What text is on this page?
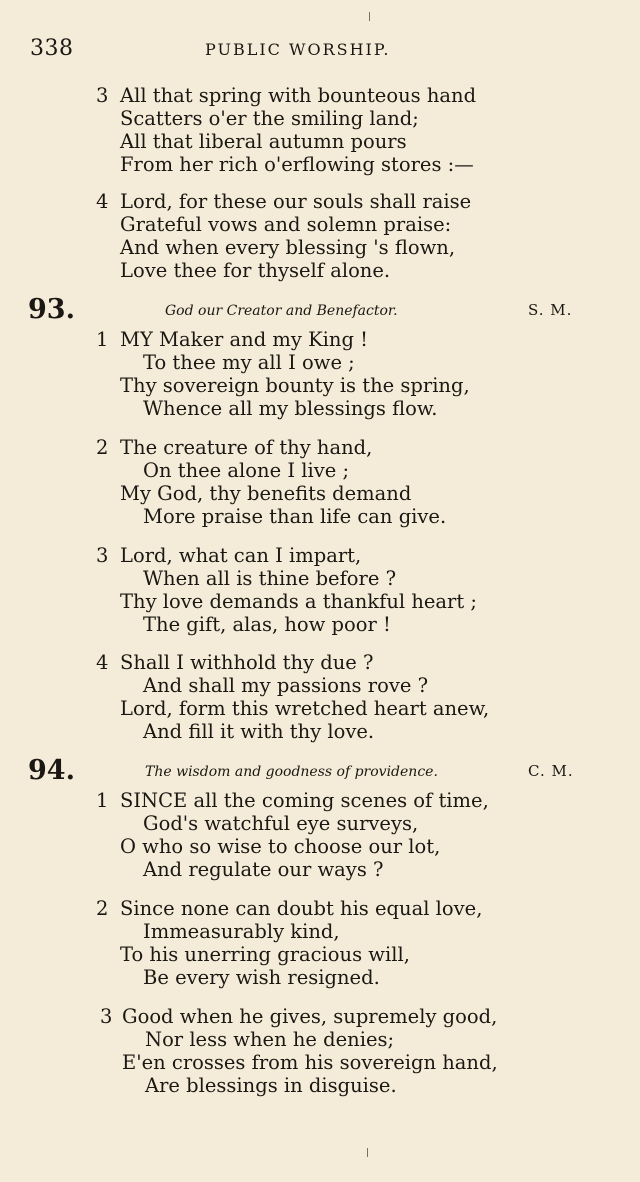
338	PUBLIC WORSHIP.
3 All that spring with bounteous hand
Scatters o'er the smiling land;
All that liberal autumn pours
From her rich o'erflowing stores :—
4 Lord, for these our souls shall raise
Grateful vows and solemn praise:
And when every blessing 's flown,
Love thee for thyself alone.
93.	God our Creator and Benefactor.	S. M.
1 MY Maker and my King !
To thee my all I owe ;
Thy sovereign bounty is the spring,
Whence all my blessings flow.
2 The creature of thy hand,
On thee alone I live ;
My God, thy benefits demand
More praise than life can give.
3 Lord, what can I impart,
When all is thine before ?
Thy love demands a thankful heart ;
The gift, alas, how poor !
4 Shall I withhold thy due ?
And shall my passions rove ?
Lord, form this wretched heart anew,
And fill it with thy love.
94.	The wisdom and goodness of providence.	C. M.
1 SINCE all the coming scenes of time,
God's watchful eye surveys,
O who so wise to choose our lot,
And regulate our ways ?
2 Since none can doubt his equal love,
Immeasurably kind,
To his unerring gracious will,
Be every wish resigned.
3 Good when he gives, supremely good,
Nor less when he denies;
E'en crosses from his sovereign hand,
Are blessings in disguise.
